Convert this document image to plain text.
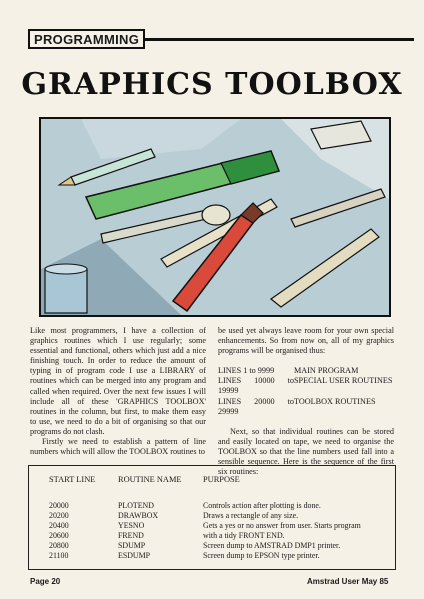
PROGRAMMING
GRAPHICS TOOLBOX

Like most programmers, I have a collection of graphics routines which I use regularly; some essential and functional, others which just add a nice finishing touch. In order to reduce the amount of typing in of program code I use a LIBRARY of routines which can be merged into any program and called when required. Over the next few issues I will include all of these 'GRAPHICS TOOLBOX' routines in the column, but first, to make them easy to use, we need to do a bit of organising so that our programs do not clash.

Firstly we need to establish a pattern of line numbers which will allow the TOOLBOX routines to

be used yet always leave room for your own special enhancements. So from now on, all of my graphics programs will be organised thus:

LINES 1 to 9999	MAIN PROGRAM
LINES 10000 to 19999
SPECIAL USER ROUTINES
LINES 20000 to 29999
TOOLBOX ROUTINES

Next, so that individual routines can be stored and easily located on tape, we need to organise the TOOLBOX so that the line numbers used fall into a sensible sequence. Here is the sequence of the first six routines:

START LINE	ROUTINE NAME	PURPOSE
20000	PLOTEND	Controls action after plotting is done.
20200	DRAWBOX	Draws a rectangle of any size.
20400	YESNO	Gets a yes or no answer from user. Starts program
20600	FREND	with a tidy FRONT END.
20800	SDUMP	Screen dump to AMSTRAD DMP1 printer.
21100	ESDUMP	Screen dump to EPSON type printer.
Page 20	Amstrad User May 85
